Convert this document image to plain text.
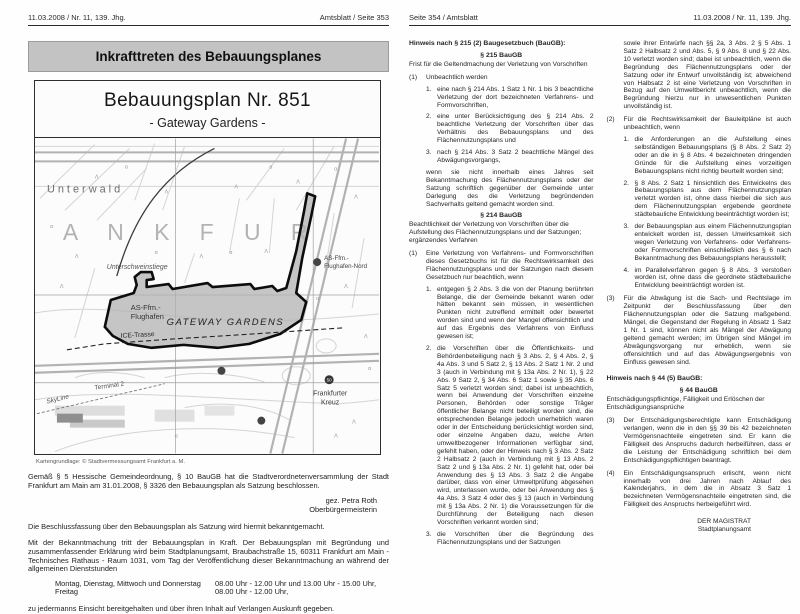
11.03.2008 / Nr. 11, 139. Jhg.	Amtsblatt / Seite 353
Inkrafttreten des Bebauungsplanes
Bebauungsplan Nr. 851
- Gateway Gardens -
A N K F U R
Unterwald
Unterschweinstiege
AS-Ffm.-
Flughafen
GATEWAY GARDENS
ICE-Trasse
SkyLine
Terminal 2
Frankfurter
Kreuz
50
AS-Ffm.-
Flughafen-Nord
Λ
Λ
Λ
Λ
Λ
Λ	Λ
Λ
Λ
Λ
Λ
Λ
ɑ	ɑ	ɑ
ɑ	ɑ
ɑ
ɑ
ɑ
Λ
ɑ
Kartengrundlage: © Stadtvermessungsamt Frankfurt a. M.

Gemäß § 5 Hessische Gemeindeordnung, § 10 BauGB hat die Stadtverordnetenversammlung der Stadt Frankfurt am Main am 31.01.2008, § 3326 den Bebauungsplan als Satzung beschlossen.

gez. Petra Roth
Oberbürgermeisterin

Die Beschlussfassung über den Bebauungsplan als Satzung wird hiermit bekanntgemacht.

Mit der Bekanntmachung tritt der Bebauungsplan in Kraft. Der Bebauungsplan mit Begründung und zusammenfassender Erklärung wird beim Stadtplanungsamt, Braubachstraße 15, 60311 Frankfurt am Main - Technisches Rathaus - Raum 1031, vom Tag der Veröffentlichung dieser Bekanntmachung an während der allgemeinen Dienststunden

Montag, Dienstag, Mittwoch und Donnerstag	08.00 Uhr - 12.00 Uhr und 13.00 Uhr - 15.00 Uhr,
Freitag	08.00 Uhr - 12.00 Uhr,

zu jedermanns Einsicht bereitgehalten und über ihren Inhalt auf Verlangen Auskunft gegeben.

Seite 354 / Amtsblatt	11.03.2008 / Nr. 11, 139. Jhg.
Hinweis nach § 215 (2) Baugesetzbuch (BauGB):
§ 215 BauGB
Frist für die Geltendmachung der Verletzung von Vorschriften
(1)	Unbeachtlich werden
1. eine nach § 214 Abs. 1 Satz 1 Nr. 1 bis 3 beachtliche Verletzung der dort bezeichneten Verfahrens- und Formvorschriften,
2. eine unter Berücksichtigung des § 214 Abs. 2 beachtliche Verletzung der Vorschriften über das Verhältnis des Bebauungsplans und des Flächennutzungsplans und
3. nach § 214 Abs. 3 Satz 2 beachtliche Mängel des Abwägungsvorgangs,
wenn sie nicht innerhalb eines Jahres seit Bekanntmachung des Flächennutzungsplans oder der Satzung schriftlich gegenüber der Gemeinde unter Darlegung des die Verletzung begründenden Sachverhalts geltend gemacht worden sind.
§ 214 BauGB
Beachtlichkeit der Verletzung von Vorschriften über die Aufstellung des Flächennutzungsplans und der Satzungen; ergänzendes Verfahren
(1)	Eine Verletzung von Verfahrens- und Formvorschriften dieses Gesetzbuchs ist für die Rechtswirksamkeit des Flächennutzungsplans und der Satzungen nach diesem Gesetzbuch nur beachtlich, wenn
1. entgegen § 2 Abs. 3 die von der Planung berührten Belange, die der Gemeinde bekannt waren oder hätten bekannt sein müssen, in wesentlichen Punkten nicht zutreffend ermittelt oder bewertet worden sind und wenn der Mangel offensichtlich und auf das Ergebnis des Verfahrens von Einfluss gewesen ist;
2. die Vorschriften über die Öffentlichkeits- und Behördenbeteiligung nach § 3 Abs. 2, § 4 Abs. 2, § 4a Abs. 3 und 5 Satz 2, § 13 Abs. 2 Satz 1 Nr. 2 und 3 (auch in Verbindung mit § 13a Abs. 2 Nr. 1), § 22 Abs. 9 Satz 2, § 34 Abs. 6 Satz 1 sowie § 35 Abs. 6 Satz 5 verletzt worden sind; dabei ist unbeachtlich, wenn bei Anwendung der Vorschriften einzelne Personen, Behörden oder sonstige Träger öffentlicher Belange nicht beteiligt worden sind, die entsprechenden Belange jedoch unerheblich waren oder in der Entscheidung berücksichtigt worden sind, oder einzelne Angaben dazu, welche Arten umweltbezogener Informationen verfügbar sind, gefehlt haben, oder der Hinweis nach § 3 Abs. 2 Satz 2 Halbsatz 2 (auch in Verbindung mit § 13 Abs. 2 Satz 2 und § 13a Abs. 2 Nr. 1) gefehlt hat, oder bei Anwendung des § 13 Abs. 3 Satz 2 die Angabe darüber, dass von einer Umweltprüfung abgesehen wird, unterlassen wurde, oder bei Anwendung des § 4a Abs. 3 Satz 4 oder des § 13 (auch in Verbindung mit § 13a Abs. 2 Nr. 1) die Voraussetzungen für die Durchführung der Beteiligung nach diesen Vorschriften verkannt worden sind;
3. die Vorschriften über die Begründung des Flächennutzungsplans und der Satzungen
sowie ihrer Entwürfe nach §§ 2a, 3 Abs. 2 § 5 Abs. 1 Satz 2 Halbsatz 2 und Abs. 5, § 9 Abs. 8 und § 22 Abs. 10 verletzt worden sind; dabei ist unbeachtlich, wenn die Begründung des Flächennutzungsplans oder der Satzung oder ihr Entwurf unvollständig ist; abweichend von Halbsatz 2 ist eine Verletzung von Vorschriften in Bezug auf den Umweltbericht unbeachtlich, wenn die Begründung hierzu nur in unwesentlichen Punkten unvollständig ist.
(2)	Für die Rechtswirksamkeit der Bauleitpläne ist auch unbeachtlich, wenn
1. die Anforderungen an die Aufstellung eines selbständigen Bebauungsplans (§ 8 Abs. 2 Satz 2) oder an die in § 8 Abs. 4 bezeichneten dringenden Gründe für die Aufstellung eines vorzeitigen Bebauungsplans nicht richtig beurteilt worden sind;
2. § 8 Abs. 2 Satz 1 hinsichtlich des Entwickelns des Bebauungsplans aus dem Flächennutzungsplan verletzt worden ist, ohne dass hierbei die sich aus dem Flächennutzungsplan ergebende geordnete städtebauliche Entwicklung beeinträchtigt worden ist;
3. der Bebauungsplan aus einem Flächennutzungsplan entwickelt worden ist, dessen Unwirksamkeit sich wegen Verletzung von Verfahrens- oder Verfahrens- oder Formvorschriften einschließlich des § 6 nach Bekanntmachung des Bebauungsplans herausstellt;
4. im Parallelverfahren gegen § 8 Abs. 3 verstoßen worden ist, ohne dass die geordnete städtebauliche Entwicklung beeinträchtigt worden ist.
(3)	Für die Abwägung ist die Sach- und Rechtslage im Zeitpunkt der Beschlussfassung über den Flächennutzungsplan oder die Satzung maßgebend. Mängel, die Gegenstand der Regelung in Absatz 1 Satz 1 Nr. 1 sind, können nicht als Mängel der Abwägung geltend gemacht werden; im Übrigen sind Mängel im Abwägungsvorgang nur erheblich, wenn sie offensichtlich und auf das Abwägungsergebnis von Einfluss gewesen sind.
Hinweis nach § 44 (5) BauGB:
§ 44 BauGB
Entschädigungspflichtige, Fälligkeit und Erlöschen der Entschädigungsansprüche
(3)	Der Entschädigungsberechtigte kann Entschädigung verlangen, wenn die in den §§ 39 bis 42 bezeichneten Vermögensnachteile eingetreten sind. Er kann die Fälligkeit des Anspruchs dadurch herbeiführen, dass er die Leistung der Entschädigung schriftlich bei dem Entschädigungspflichtigen beantragt.
(4)	Ein Entschädigungsanspruch erlischt, wenn nicht innerhalb von drei Jahren nach Ablauf des Kalenderjahrs, in dem die in Absatz 3 Satz 1 bezeichneten Vermögensnachteile eingetreten sind, die Fälligkeit des Anspruchs herbeigeführt wird.
DER MAGISTRAT
Stadtplanungsamt
